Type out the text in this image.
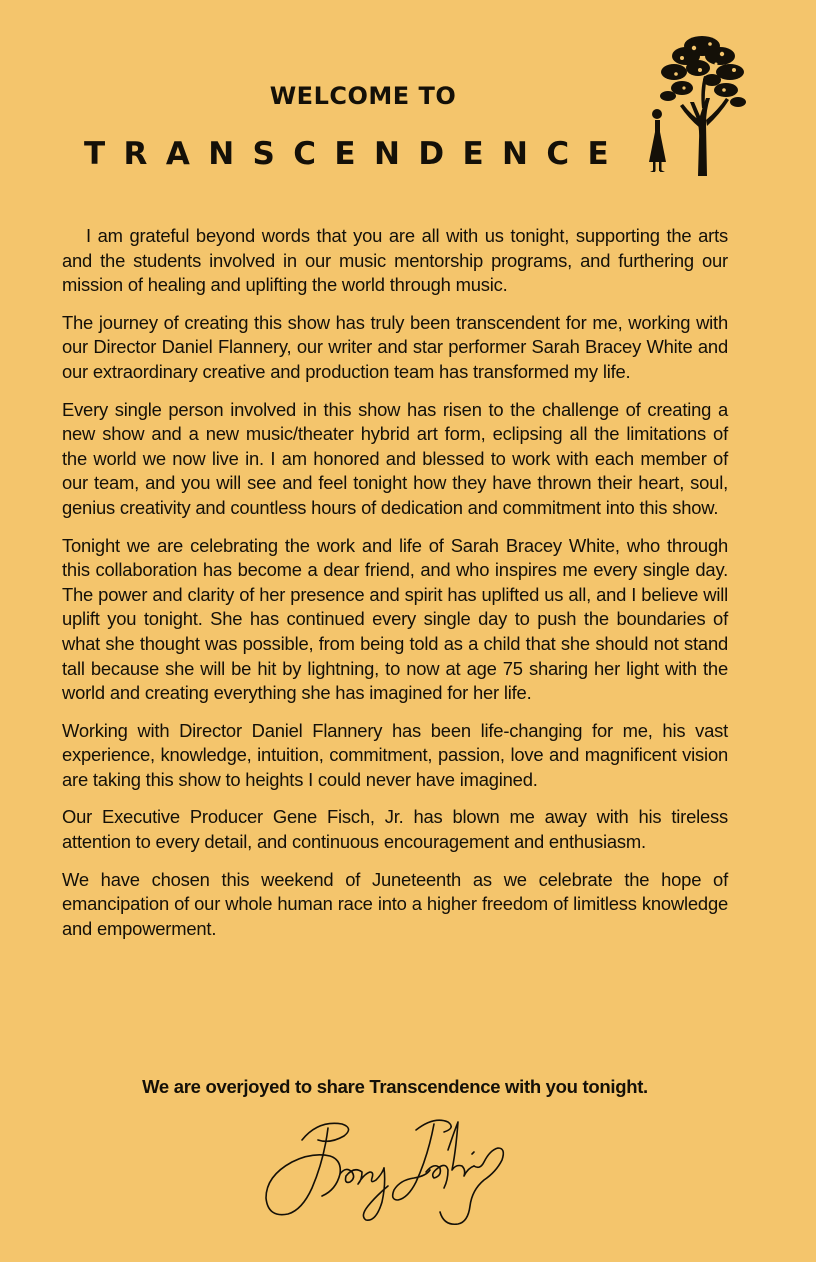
WELCOME TO
TRANSCENDENCE

I am grateful beyond words that you are all with us tonight, supporting the arts and the students involved in our music mentorship programs, and furthering our mission of healing and uplifting the world through music.

The journey of creating this show has truly been transcendent for me, working with our Director Daniel Flannery, our writer and star performer Sarah Bracey White and our extraordinary creative and production team has transformed my life.

Every single person involved in this show has risen to the challenge of creating a new show and a new music/theater hybrid art form, eclipsing all the limitations of the world we now live in. I am honored and blessed to work with each member of our team, and you will see and feel tonight how they have thrown their heart, soul, genius creativity and countless hours of dedication and commitment into this show.

Tonight we are celebrating the work and life of Sarah Bracey White, who through this collaboration has become a dear friend, and who inspires me every single day. The power and clarity of her presence and spirit has uplifted us all, and I believe will uplift you tonight. She has continued every single day to push the boundaries of what she thought was possible, from being told as a child that she should not stand tall because she will be hit by lightning, to now at age 75 sharing her light with the world and creating everything she has imagined for her life.

Working with Director Daniel Flannery has been life-changing for me, his vast experience, knowledge, intuition, commitment, passion, love and magnificent vision are taking this show to heights I could never have imagined.

Our Executive Producer Gene Fisch, Jr. has blown me away with his tireless attention to every detail, and continuous encouragement and enthusiasm.

We have chosen this weekend of Juneteenth as we celebrate the hope of emancipation of our whole human race into a higher freedom of limitless knowledge and empowerment.

We are overjoyed to share Transcendence with you tonight.
